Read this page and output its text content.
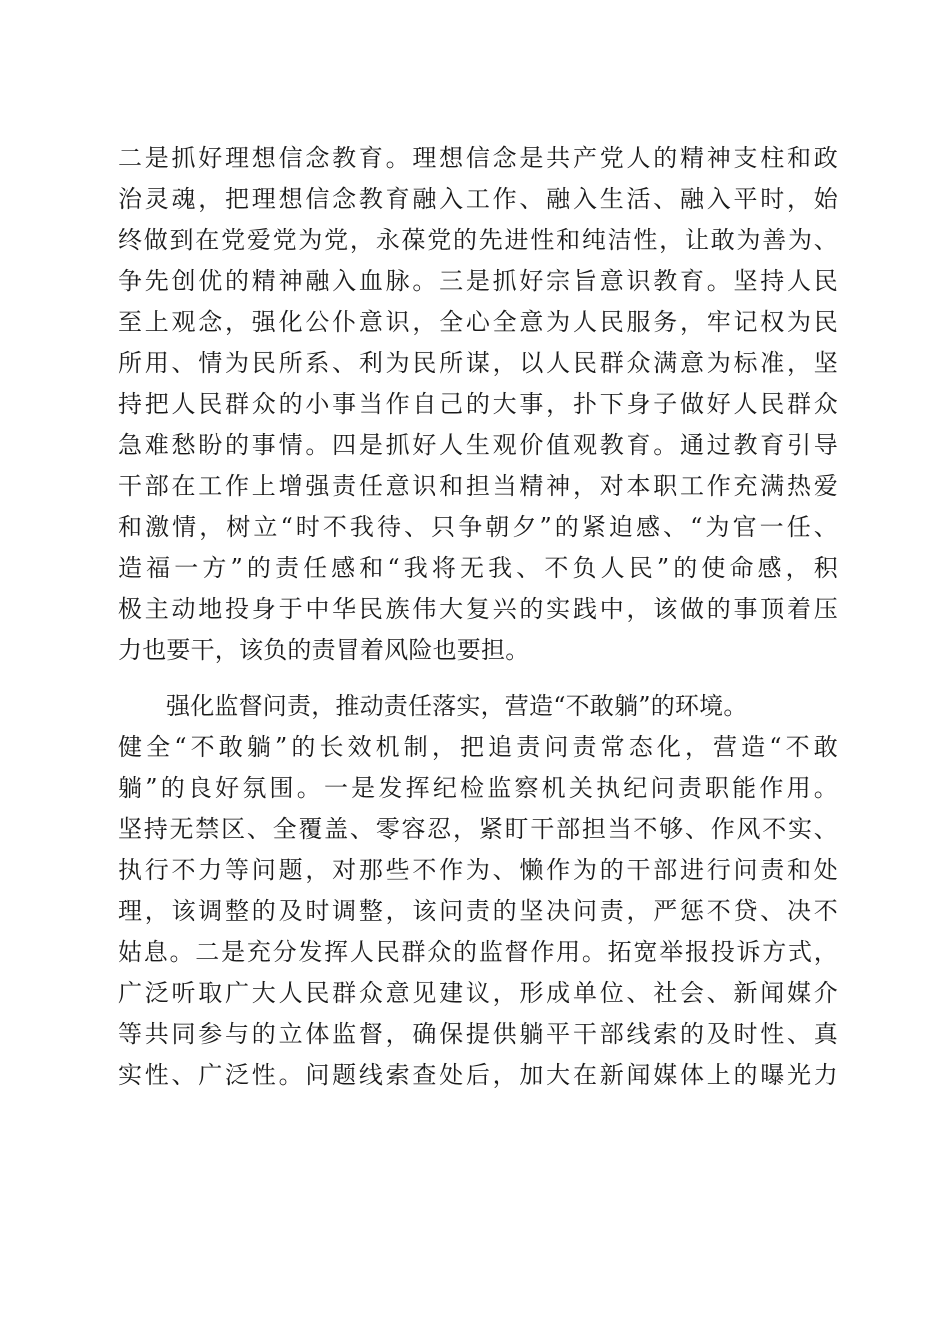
二是抓好理想信念教育。理想信念是共产党人的精神支柱和政
治灵魂，把理想信念教育融入工作、融入生活、融入平时，始
终做到在党爱党为党，永葆党的先进性和纯洁性，让敢为善为、
争先创优的精神融入血脉。三是抓好宗旨意识教育。坚持人民
至上观念，强化公仆意识，全心全意为人民服务，牢记权为民
所用、情为民所系、利为民所谋，以人民群众满意为标准，坚
持把人民群众的小事当作自己的大事，扑下身子做好人民群众
急难愁盼的事情。四是抓好人生观价值观教育。通过教育引导
干部在工作上增强责任意识和担当精神，对本职工作充满热爱
和激情，树立“时不我待、只争朝夕”的紧迫感、“为官一任、
造福一方”的责任感和“我将无我、不负人民”的使命感，积
极主动地投身于中华民族伟大复兴的实践中，该做的事顶着压
力也要干，该负的责冒着风险也要担。
强化监督问责，推动责任落实，营造“不敢躺”的环境。
健全“不敢躺”的长效机制，把追责问责常态化，营造“不敢
躺”的良好氛围。一是发挥纪检监察机关执纪问责职能作用。
坚持无禁区、全覆盖、零容忍，紧盯干部担当不够、作风不实、
执行不力等问题，对那些不作为、懒作为的干部进行问责和处
理，该调整的及时调整，该问责的坚决问责，严惩不贷、决不
姑息。二是充分发挥人民群众的监督作用。拓宽举报投诉方式，
广泛听取广大人民群众意见建议，形成单位、社会、新闻媒介
等共同参与的立体监督，确保提供躺平干部线索的及时性、真
实性、广泛性。问题线索查处后，加大在新闻媒体上的曝光力
